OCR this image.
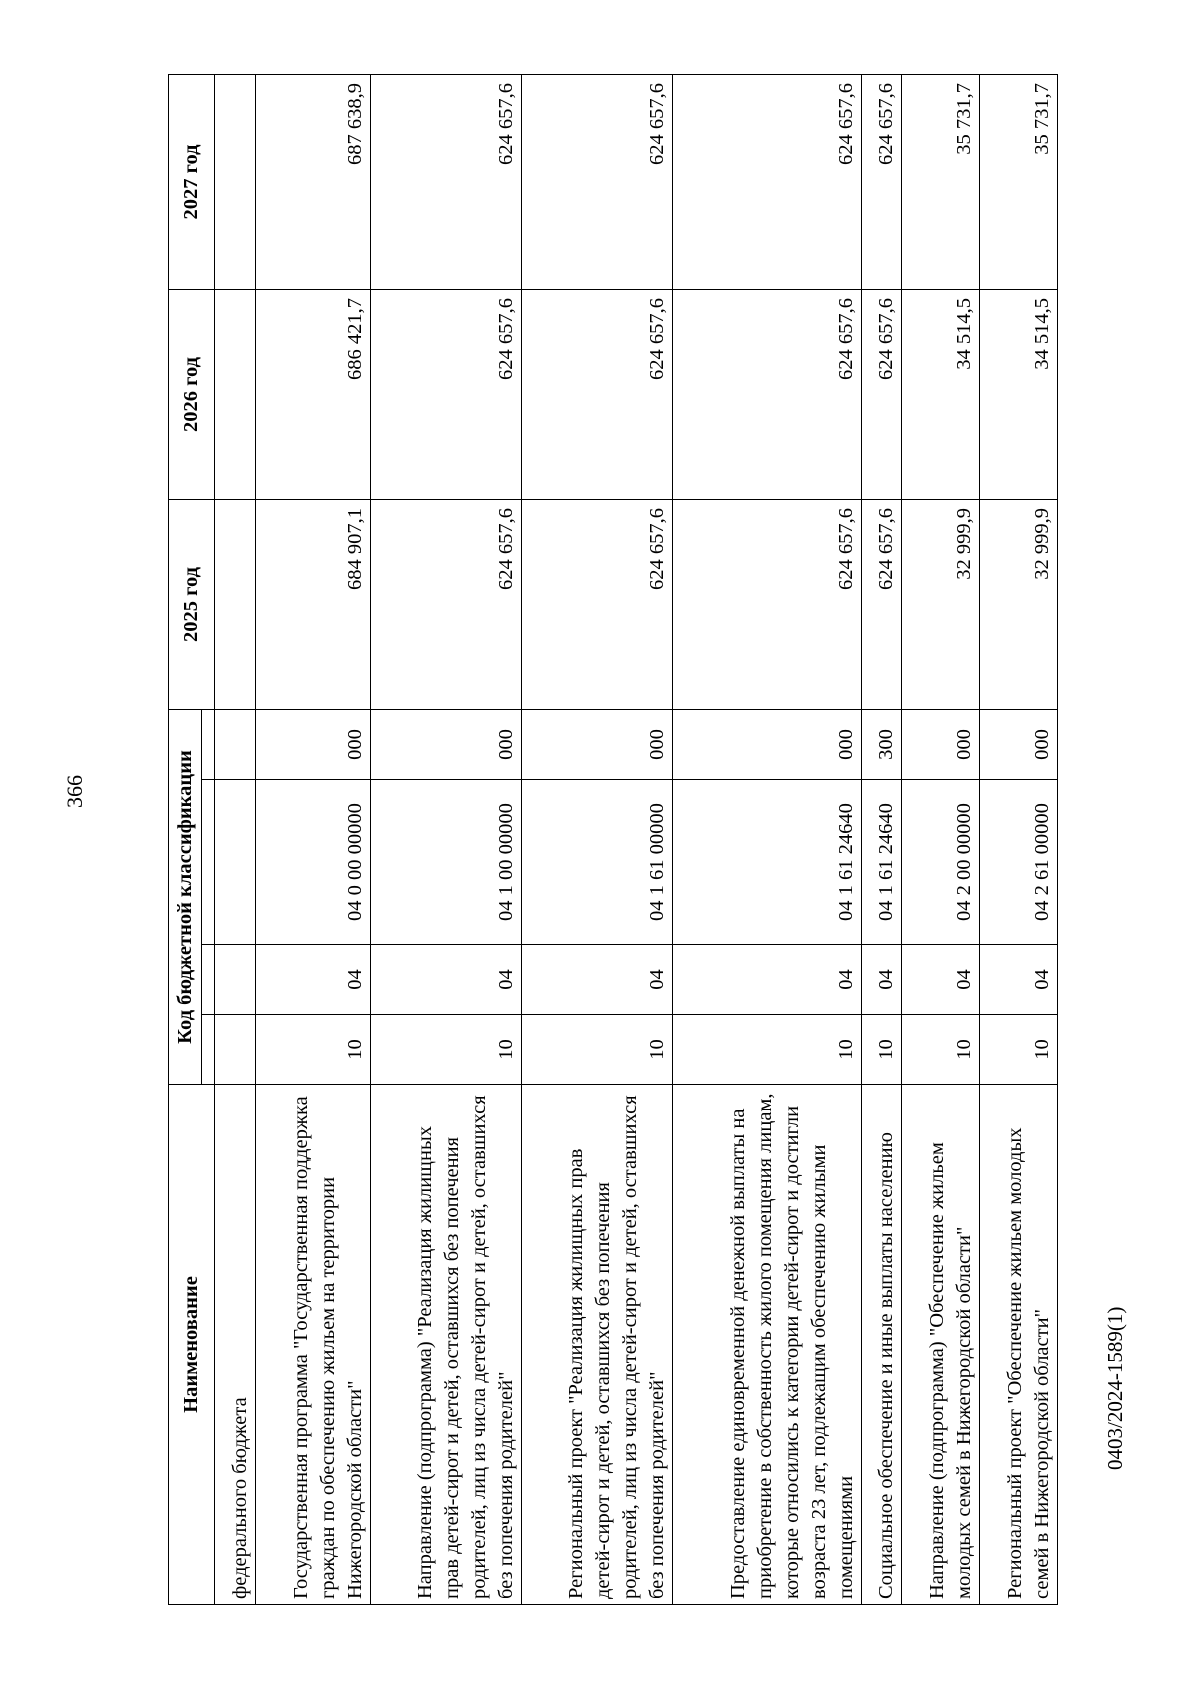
366
Наименование	Код бюджетной классификации				2025 год	2026 год	2027 год

федерального бюджета							
Государственная программа "Государственная поддержка граждан по обеспечению жильем на территории Нижегородской области"	10	04	04 0 00 00000	000	684 907,1	686 421,7	687 638,9
Направление (подпрограмма) "Реализация жилищных прав детей-сирот и детей, оставшихся без попечения родителей, лиц из числа детей-сирот и детей, оставшихся без попечения родителей"	10	04	04 1 00 00000	000	624 657,6	624 657,6	624 657,6
Региональный проект "Реализация жилищных прав детей-сирот и детей, оставшихся без попечения родителей, лиц из числа детей-сирот и детей, оставшихся без попечения родителей"	10	04	04 1 61 00000	000	624 657,6	624 657,6	624 657,6
Предоставление единовременной денежной выплаты на приобретение в собственность жилого помещения лицам, которые относились к категории детей-сирот и достигли возраста 23 лет, подлежащим обеспечению жилыми помещениями	10	04	04 1 61 24640	000	624 657,6	624 657,6	624 657,6
Социальное обеспечение и иные выплаты населению	10	04	04 1 61 24640	300	624 657,6	624 657,6	624 657,6
Направление (подпрограмма) "Обеспечение жильем молодых семей в Нижегородской области"	10	04	04 2 00 00000	000	32 999,9	34 514,5	35 731,7
Региональный проект "Обеспечение жильем молодых семей в Нижегородской области"	10	04	04 2 61 00000	000	32 999,9	34 514,5	35 731,7
0403/2024-1589(1)
